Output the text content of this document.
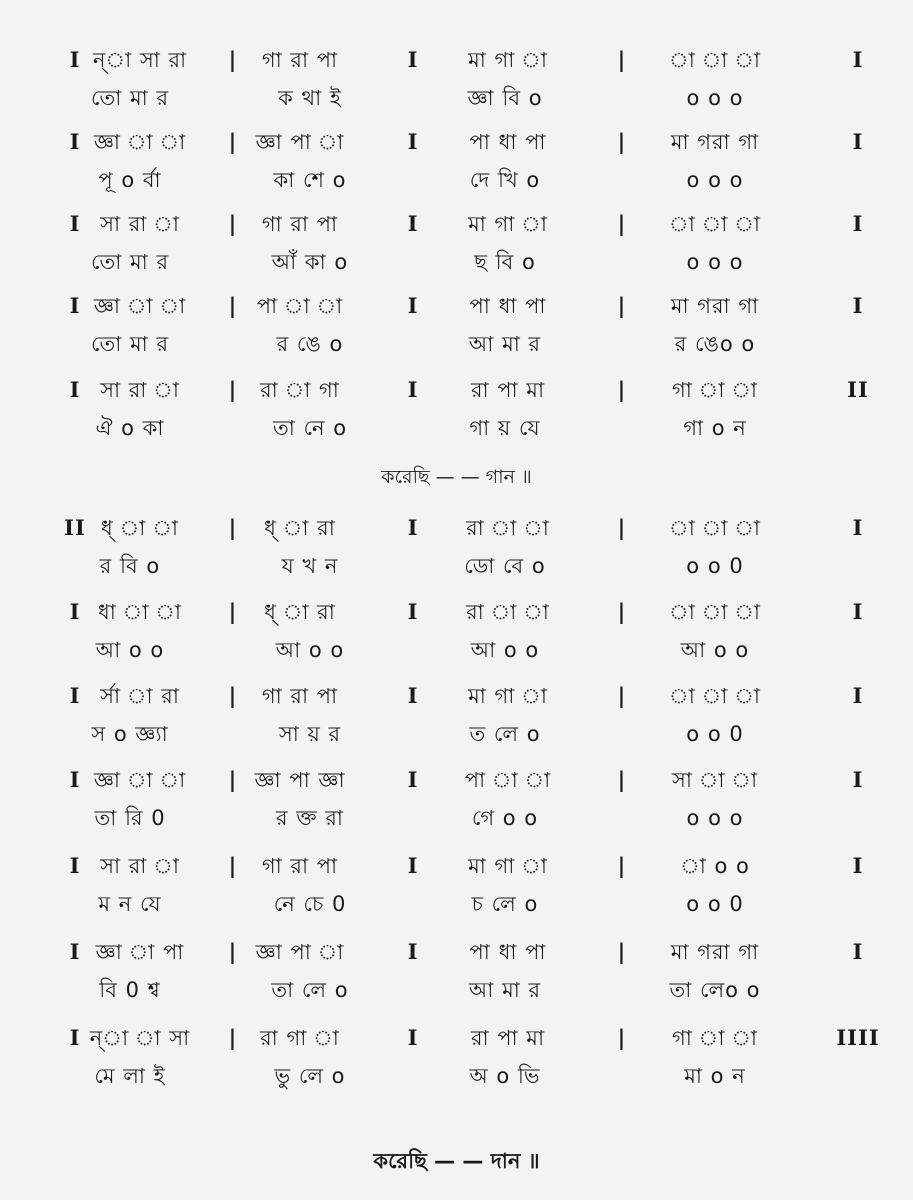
I ন্‌া সা রা | গা রা পা	I মা গা া	| া া া	I
তো মা র	ক থা ই	জ্ঞা বি o	o o o
I জ্ঞা া া | জ্ঞা পা া	I পা ধা পা	| মা গরা গা	I
পূ o র্বা	কা শে o	দে খি o	o o o
I সা রা া | গা রা পা	I মা গা া	| া া া	I
তো মা র	আঁ কা o	ছ বি o	o o o
I জ্ঞা া া | পা া া	I পা ধা পা	| মা গরা গা	I
তো মা র	র ঙে o	আ মা র	র ঙেo o
I সা রা া | রা া গা	I	রা পা মা	| গা া া	II
ঐ o কা	তা নে o	গা য় যে	গা o ন
করেছি — — গান ॥
II ধ্‌ া া | ধ্‌ া রা	I রা া া	| া া া	I
র বি o	য খ ন	ডো বে o	o o 0
I ধা া া | ধ্‌ া রা	I রা া া	| া া া	I
আ o o	আ o o	আ o o	আ o o
I র্সা া রা | গা রা পা	I মা গা া	| া া া	I
স o জ্ঞ্যা	সা য় র	ত লে o	o o 0
I জ্ঞা া া | জ্ঞা পা জ্ঞা	I পা া া	| সা া া	I
তা রি 0	র ক্ত রা	গে o o	o o o
I সা রা া | গা রা পা	I মা গা া	|	া o o	I
ম ন যে	নে চে 0	চ লে o	o o 0
I জ্ঞা া পা | জ্ঞা পা া	I পা ধা পা	| মা গরা গা	I
বি 0 শ্ব	তা লে o	আ মা র	তা লেo o
I ন্‌া া সা | রা গা া	I	রা পা মা	| গা া া	IIII
মে লা ই	ভু লে o	অ o ভি	মা o ন
করেছি — — দান ॥
